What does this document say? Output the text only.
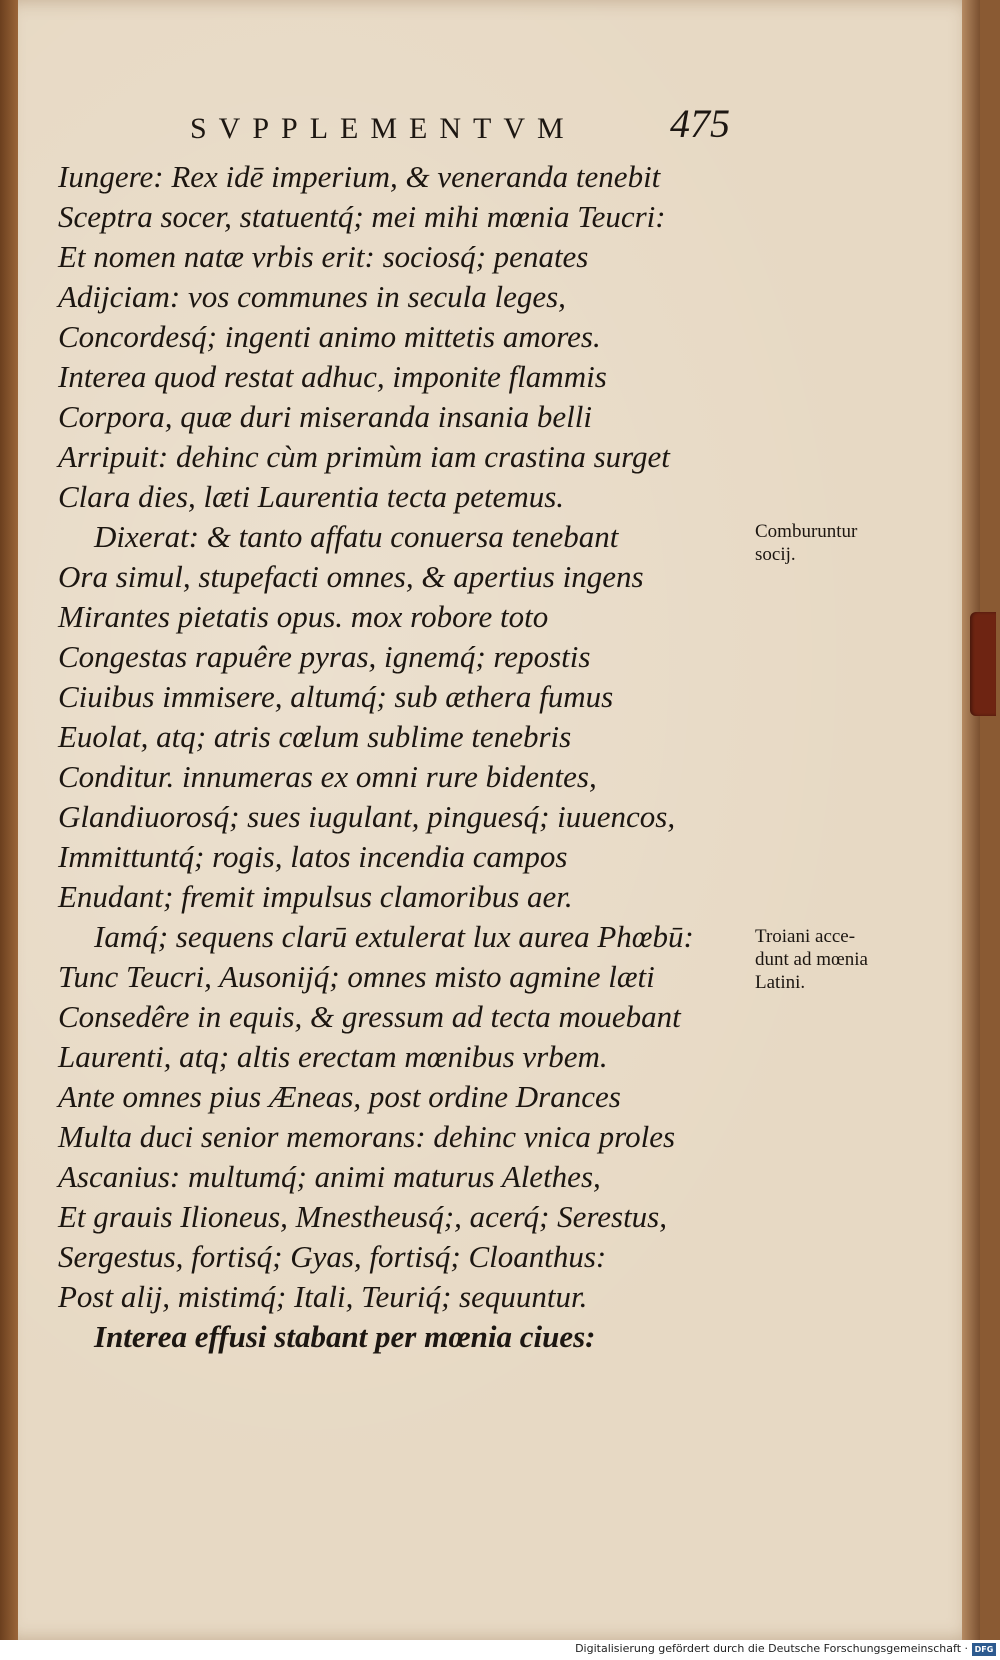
SVPPLEMENTVM 475
Iungere: Rex idē imperium, & veneranda tenebit
Sceptra socer, statuentq́; mei mihi mœnia Teucri:
Et nomen natæ vrbis erit: sociosq́; penates
Adijciam: vos communes in secula leges,
Concordesq́; ingenti animo mittetis amores.
Interea quod restat adhuc, imponite flammis
Corpora, quæ duri miseranda insania belli
Arripuit: dehinc cùm primùm iam crastina surget
Clara dies, læti Laurentia tecta petemus.
Dixerat: & tanto affatu conuersa tenebant
Ora simul, stupefacti omnes, & apertius ingens
Mirantes pietatis opus. mox robore toto
Congestas rapuêre pyras, ignemq́; repostis
Ciuibus immisere, altumq́; sub æthera fumus
Euolat, atq; atris cœlum sublime tenebris
Conditur. innumeras ex omni rure bidentes,
Glandiuorosq́; sues iugulant, pinguesq́; iuuencos,
Immittuntq́; rogis, latos incendia campos
Enudant; fremit impulsus clamoribus aer.
Iamq́; sequens clarū extulerat lux aurea Phœbū:
Tunc Teucri, Ausonijq́; omnes misto agmine læti
Consedêre in equis, & gressum ad tecta mouebant
Laurenti, atq; altis erectam mœnibus vrbem.
Ante omnes pius Æneas, post ordine Drances
Multa duci senior memorans: dehinc vnica proles
Ascanius: multumq́; animi maturus Alethes,
Et grauis Ilioneus, Mnestheusq́;, acerq́; Serestus,
Sergestus, fortisq́; Gyas, fortisq́; Cloanthus:
Post alij, mistimq́; Itali, Teuriq́; sequuntur.
Interea effusi stabant per mœnia ciues:
Comburuntur
socij.
Troiani acce-
dunt ad mœnia
Latini.
Digitalisierung gefördert durch die Deutsche Forschungsgemeinschaft · DFG
